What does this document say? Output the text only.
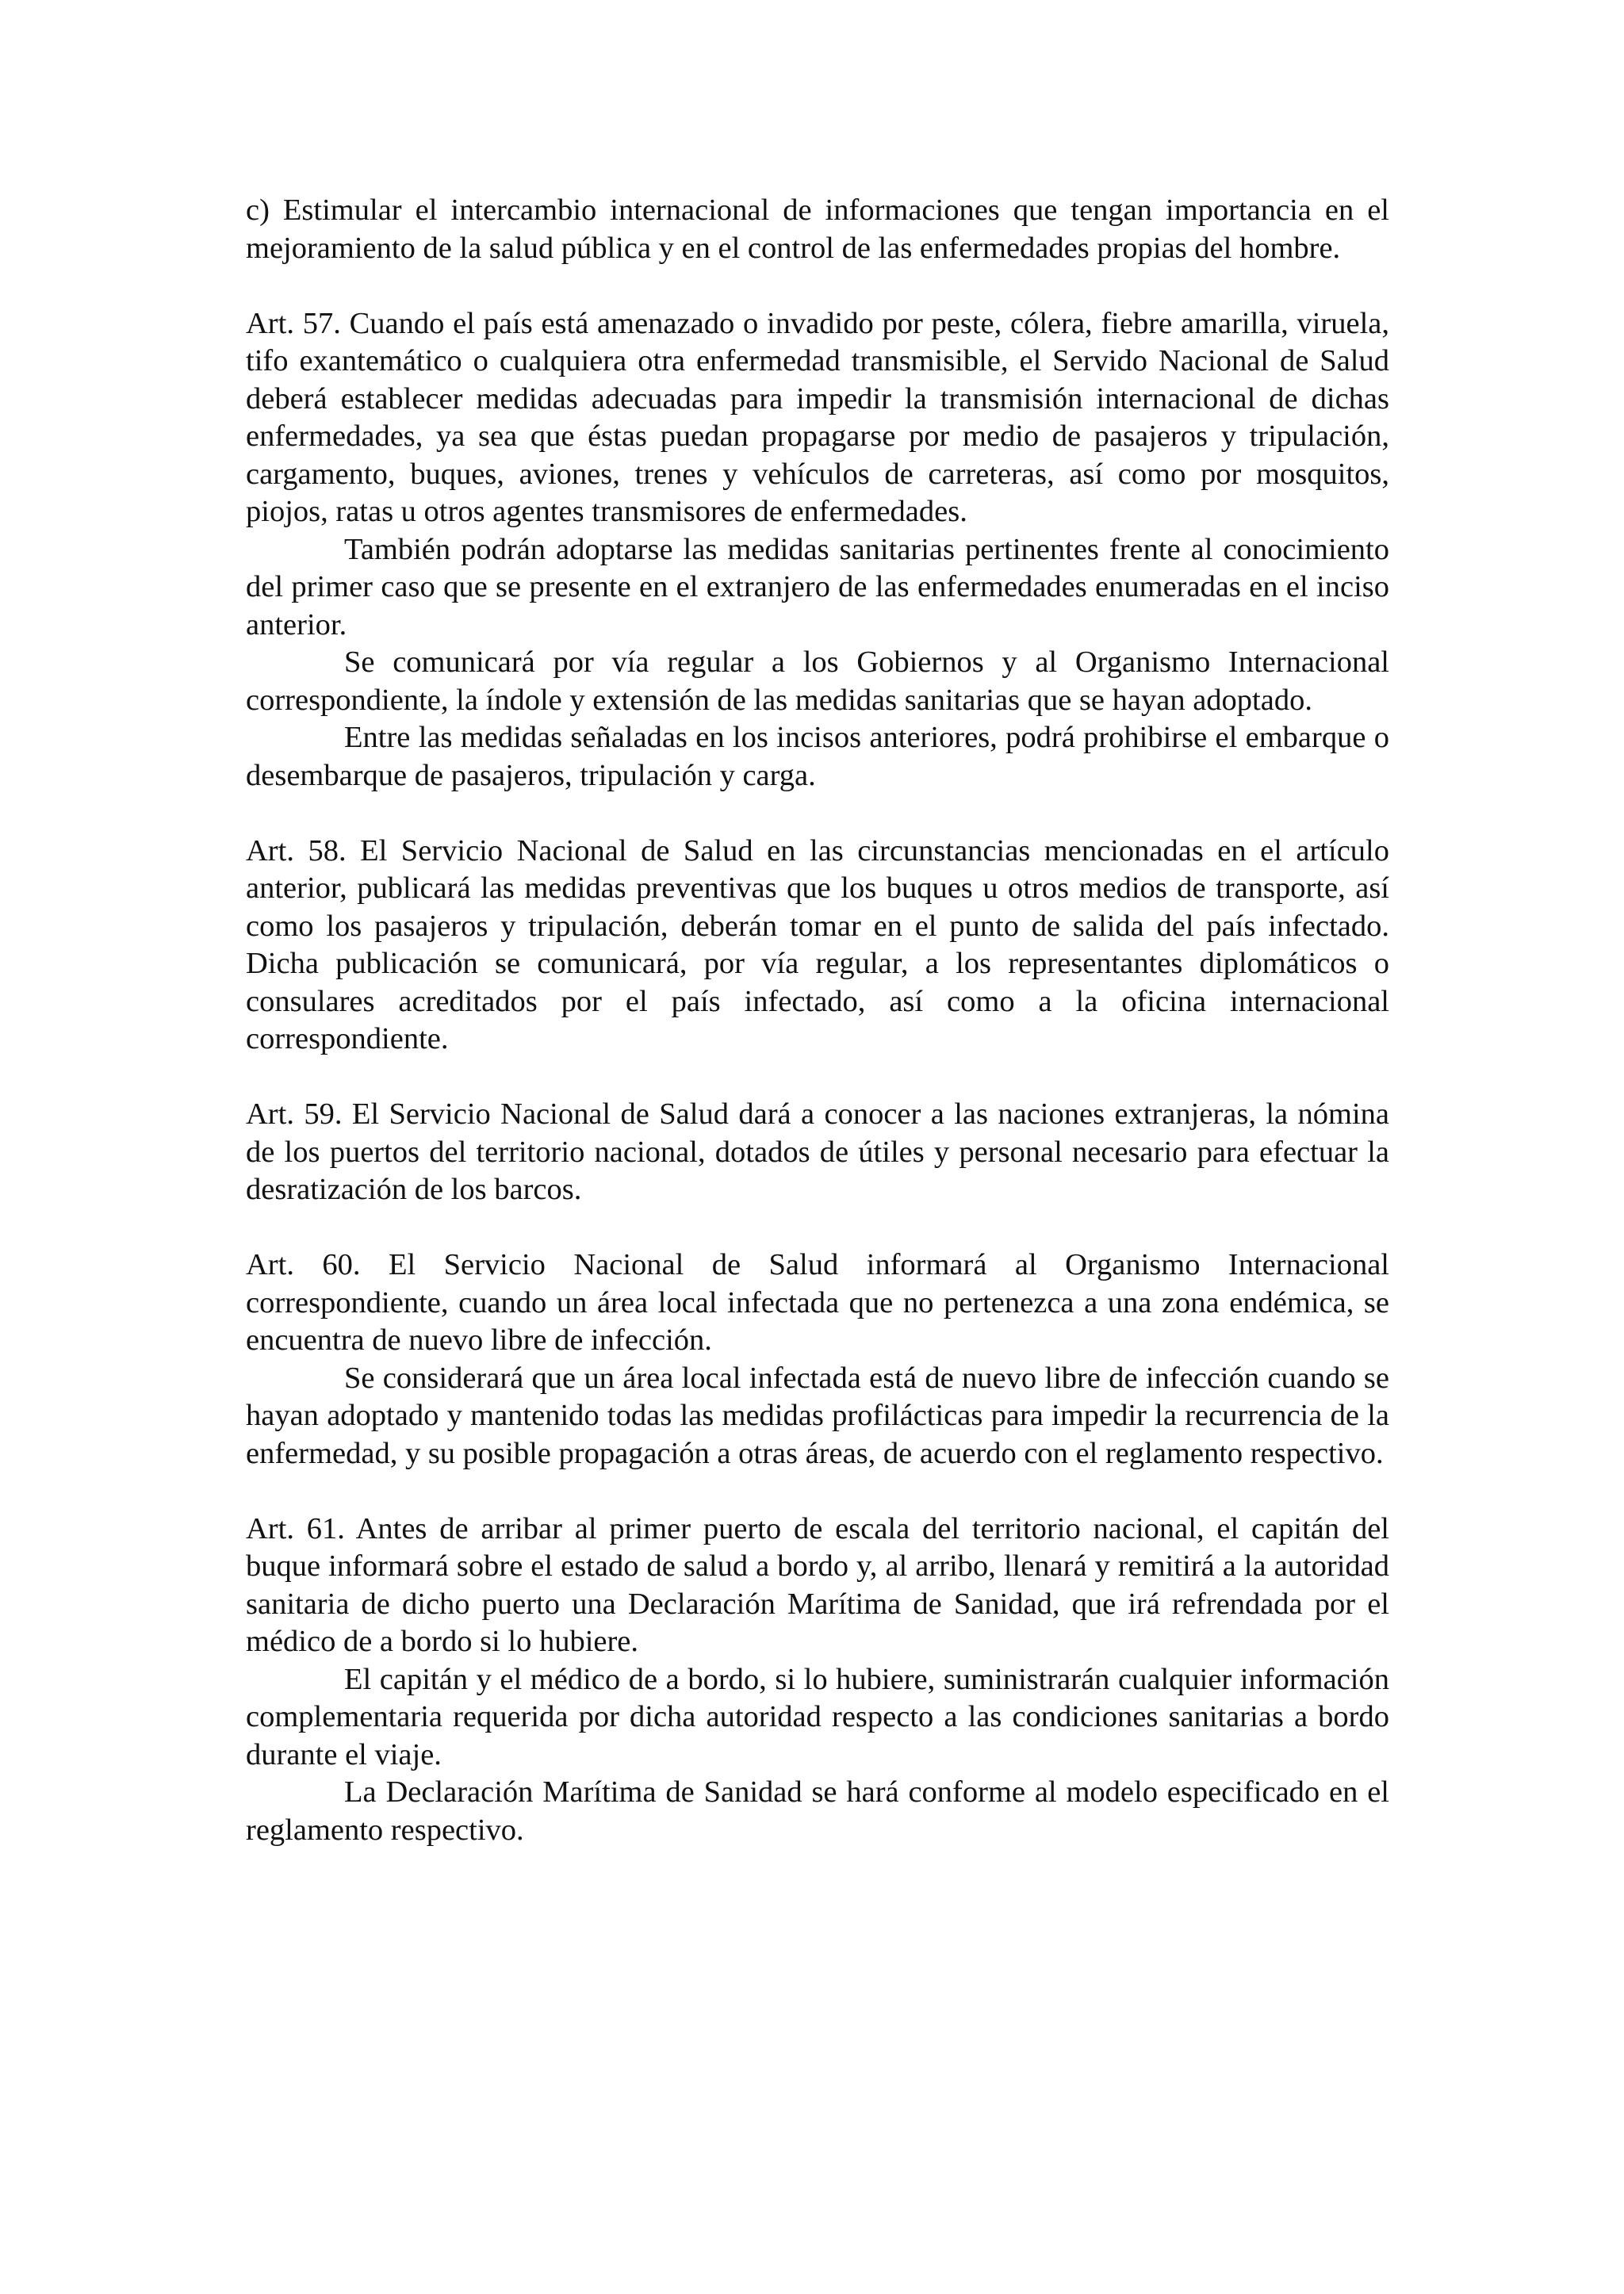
c) Estimular el intercambio internacional de informaciones que tengan importancia en el mejoramiento de la salud pública y en el control de las enfermedades propias del hombre.

Art. 57. Cuando el país está amenazado o invadido por peste, cólera, fiebre amarilla, viruela, tifo exantemático o cualquiera otra enfermedad transmisible, el Servido Nacional de Salud deberá establecer medidas adecuadas para impedir la transmisión internacional de dichas enfermedades, ya sea que éstas puedan propagarse por medio de pasajeros y tripulación, cargamento, buques, aviones, trenes y vehículos de carreteras, así como por mosquitos, piojos, ratas u otros agentes transmisores de enfermedades.

También podrán adoptarse las medidas sanitarias pertinentes frente al conocimiento del primer caso que se presente en el extranjero de las enfermedades enumeradas en el inciso anterior.

Se comunicará por vía regular a los Gobiernos y al Organismo Internacional correspondiente, la índole y extensión de las medidas sanitarias que se hayan adoptado.

Entre las medidas señaladas en los incisos anteriores, podrá prohibirse el embarque o desembarque de pasajeros, tripulación y carga.

Art. 58. El Servicio Nacional de Salud en las circunstancias mencionadas en el artículo anterior, publicará las medidas preventivas que los buques u otros medios de transporte, así como los pasajeros y tripulación, deberán tomar en el punto de salida del país infectado. Dicha publicación se comunicará, por vía regular, a los representantes diplomáticos o consulares acreditados por el país infectado, así como a la oficina internacional correspondiente.

Art. 59. El Servicio Nacional de Salud dará a conocer a las naciones extranjeras, la nómina de los puertos del territorio nacional, dotados de útiles y personal necesario para efectuar la desratización de los barcos.

Art. 60. El Servicio Nacional de Salud informará al Organismo Internacional correspondiente, cuando un área local infectada que no pertenezca a una zona endémica, se encuentra de nuevo libre de infección.

Se considerará que un área local infectada está de nuevo libre de infección cuando se hayan adoptado y mantenido todas las medidas profilácticas para impedir la recurrencia de la enfermedad, y su posible propagación a otras áreas, de acuerdo con el reglamento respectivo.

Art. 61. Antes de arribar al primer puerto de escala del territorio nacional, el capitán del buque informará sobre el estado de salud a bordo y, al arribo, llenará y remitirá a la autoridad sanitaria de dicho puerto una Declaración Marítima de Sanidad, que irá refrendada por el médico de a bordo si lo hubiere.

El capitán y el médico de a bordo, si lo hubiere, suministrarán cualquier información complementaria requerida por dicha autoridad respecto a las condiciones sanitarias a bordo durante el viaje.

La Declaración Marítima de Sanidad se hará conforme al modelo especificado en el reglamento respectivo.
